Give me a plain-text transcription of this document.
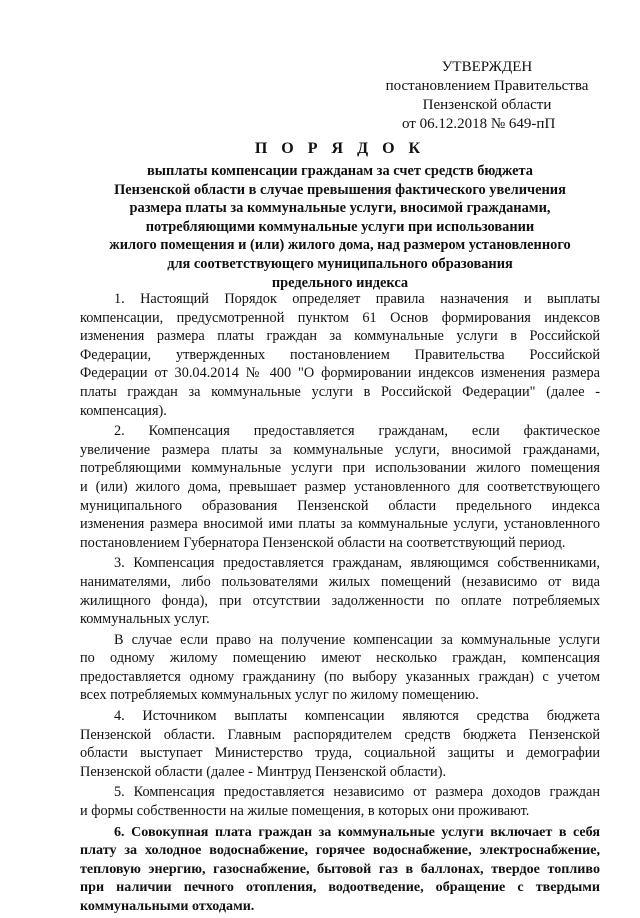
УТВЕРЖДЕН
постановлением Правительства
Пензенской области
от 06.12.2018 № 649-пП
П О Р Я Д О К
выплаты компенсации гражданам за счет средств бюджета
Пензенской области в случае превышения фактического увеличения
размера платы за коммунальные услуги, вносимой гражданами,
потребляющими коммунальные услуги при использовании
жилого помещения и (или) жилого дома, над размером установленного
для соответствующего муниципального образования
предельного индекса
1. Настоящий Порядок определяет правила назначения и выплаты
компенсации, предусмотренной пунктом 61 Основ формирования индексов
изменения размера платы граждан за коммунальные услуги в Российской
Федерации, утвержденных постановлением Правительства Российской
Федерации от 30.04.2014 № 400 "О формировании индексов изменения размера
платы граждан за коммунальные услуги в Российской Федерации" (далее -
компенсация).
2. Компенсация предоставляется гражданам, если фактическое
увеличение размера платы за коммунальные услуги, вносимой гражданами,
потребляющими коммунальные услуги при использовании жилого помещения
и (или) жилого дома, превышает размер установленного для соответствующего
муниципального образования Пензенской области предельного индекса
изменения размера вносимой ими платы за коммунальные услуги, установленного
постановлением Губернатора Пензенской области на соответствующий период.
3. Компенсация предоставляется гражданам, являющимся собственниками,
нанимателями, либо пользователями жилых помещений (независимо от вида
жилищного фонда), при отсутствии задолженности по оплате потребляемых
коммунальных услуг.
В случае если право на получение компенсации за коммунальные услуги
по одному жилому помещению имеют несколько граждан, компенсация
предоставляется одному гражданину (по выбору указанных граждан) с учетом
всех потребляемых коммунальных услуг по жилому помещению.
4. Источником выплаты компенсации являются средства бюджета
Пензенской области. Главным распорядителем средств бюджета Пензенской
области выступает Министерство труда, социальной защиты и демографии
Пензенской области (далее - Минтруд Пензенской области).
5. Компенсация предоставляется независимо от размера доходов граждан
и формы собственности на жилые помещения, в которых они проживают.
6. Совокупная плата граждан за коммунальные услуги включает в себя
плату за холодное водоснабжение, горячее водоснабжение, электроснабжение,
тепловую энергию, газоснабжение, бытовой газ в баллонах, твердое топливо
при наличии печного отопления, водоотведение, обращение с твердыми
коммунальными отходами.
